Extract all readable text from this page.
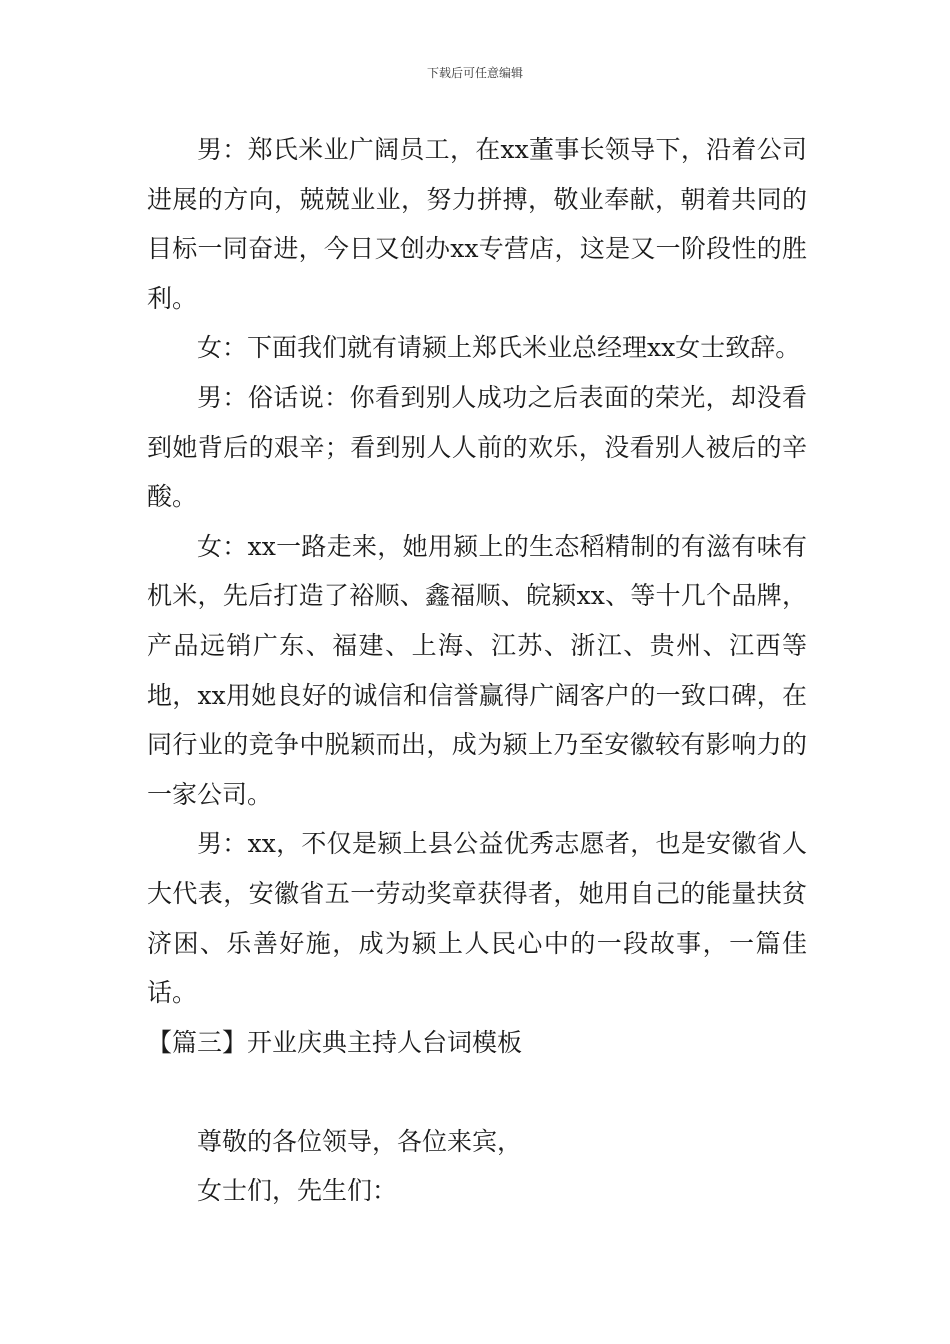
下载后可任意编辑

男：郑氏米业广阔员工，在xx董事长领导下，沿着公司进展的方向，兢兢业业，努力拼搏，敬业奉献，朝着共同的目标一同奋进，今日又创办xx专营店，这是又一阶段性的胜利。

女：下面我们就有请颍上郑氏米业总经理xx女士致辞。

男：俗话说：你看到别人成功之后表面的荣光，却没看到她背后的艰辛；看到别人人前的欢乐，没看别人被后的辛酸。

女：xx一路走来，她用颍上的生态稻精制的有滋有味有机米，先后打造了裕顺、鑫福顺、皖颍xx、等十几个品牌，产品远销广东、福建、上海、江苏、浙江、贵州、江西等地，xx用她良好的诚信和信誉赢得广阔客户的一致口碑，在同行业的竞争中脱颖而出，成为颍上乃至安徽较有影响力的一家公司。

男：xx，不仅是颍上县公益优秀志愿者，也是安徽省人大代表，安徽省五一劳动奖章获得者，她用自己的能量扶贫济困、乐善好施，成为颍上人民心中的一段故事，一篇佳话。

【篇三】开业庆典主持人台词模板

尊敬的各位领导，各位来宾，

女士们，先生们：
